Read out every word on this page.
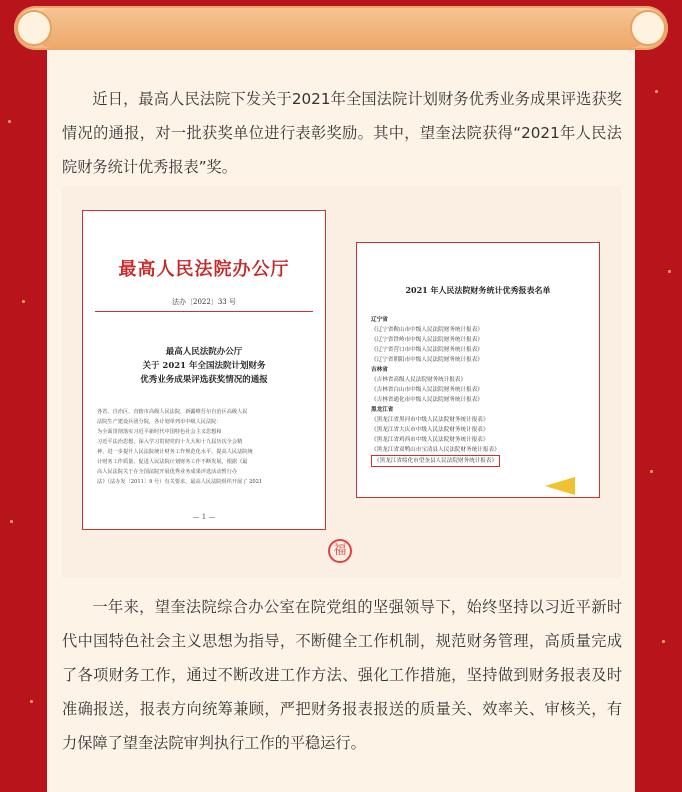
近日，最高人民法院下发关于2021年全国法院计划财务优秀业务成果评选获奖情况的通报，对一批获奖单位进行表彰奖励。其中，望奎法院获得“2021年人民法院财务统计优秀报表”奖。

最高人民法院办公厅
法办〔2022〕33 号
最高人民法院办公厅
关于 2021 年全国法院计划财务
优秀业务成果评选获奖情况的通报
各省、自治区、直辖市高级人民法院，新疆维吾尔自治区高级人民
法院生产建设兵团分院，各计划单列市中级人民法院：
为全面贯彻落实习近平新时代中国特色社会主义思想和
习近平法治思想，深入学习贯彻党的十九大和十九届历次全会精
神，进一步提升人民法院统计财务工作规范化水平，提高人民法院统
计财务工作质量，促进人民法院计划财务工作不断发展，根据《最
高人民法院关于在全国法院开展优秀业务成果评选活动暂行办
法》（法办发〔2011〕9 号）有关要求，最高人民法院组织开展了 2021
— 1 —
2021 年人民法院财务统计优秀报表名单
辽宁省
《辽宁省鞍山市中级人民法院财务统计报表》
《辽宁省铁岭市中级人民法院财务统计报表》
《辽宁省营口市中级人民法院财务统计报表》
《辽宁省朝阳市中级人民法院财务统计报表》
吉林省
《吉林省高级人民法院财务统计报表》
《吉林省白山市中级人民法院财务统计报表》
《吉林省通化市中级人民法院财务统计报表》
黑龙江省
《黑龙江省黑河市中级人民法院财务统计报表》
《黑龙江省大庆市中级人民法院财务统计报表》
《黑龙江省鸡西市中级人民法院财务统计报表》
《黑龙江省双鸭山市宝清县人民法院财务统计报表》
《黑龙江省绥化市望奎县人民法院财务统计报表》
福

一年来，望奎法院综合办公室在院党组的坚强领导下，始终坚持以习近平新时代中国特色社会主义思想为指导，不断健全工作机制，规范财务管理，高质量完成了各项财务工作，通过不断改进工作方法、强化工作措施，坚持做到财务报表及时准确报送，报表方向统筹兼顾，严把财务报表报送的质量关、效率关、审核关，有力保障了望奎法院审判执行工作的平稳运行。
